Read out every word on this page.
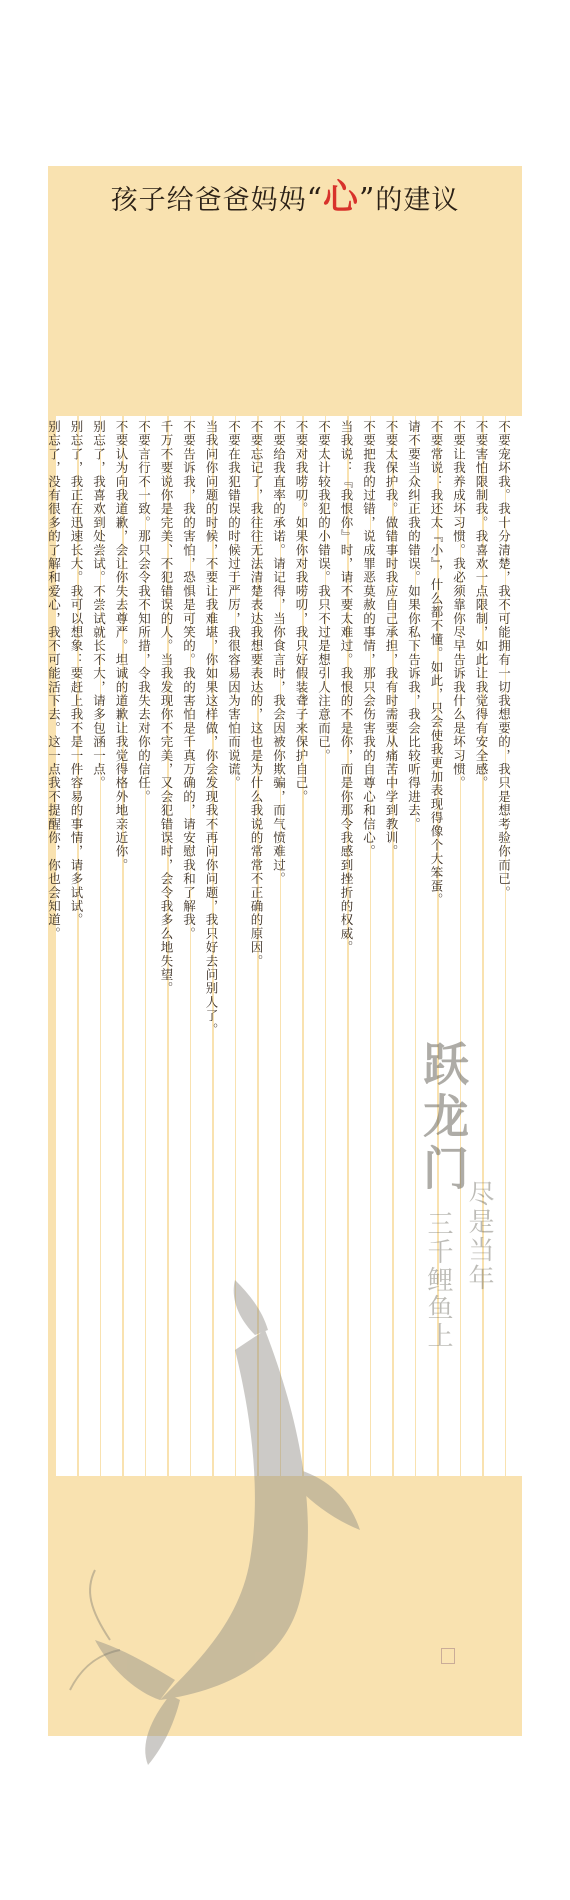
孩子给爸爸妈妈“心”的建议
不要宠坏我。我十分清楚，我不可能拥有一切我想要的，我只是想考验你而已。
不要害怕限制我。我喜欢一点限制，如此让我觉得有安全感。
不要让我养成坏习惯。我必须靠你尽早告诉我什么是坏习惯。
不要常说：我还太『小』，什么都不懂。如此，只会使我更加表现得像个大笨蛋。
请不要当众纠正我的错误。如果你私下告诉我，我会比较听得进去。
不要太保护我。做错事时我应自己承担，我有时需要从痛苦中学到教训。
不要把我的过错，说成罪恶莫赦的事情，那只会伤害我的自尊心和信心。
当我说：『我恨你』时，请不要太难过。我恨的不是你，而是你那令我感到挫折的权威。
不要太计较我犯的小错误。我只不过是想引人注意而已。
不要对我唠叨。如果你对我唠叨，我只好假装聋子来保护自己。
不要给我直率的承诺。请记得，当你食言时，我会因被你欺骗，而气愤难过。
不要忘记了，我往往无法清楚表达我想要表达的，这也是为什么我说的常常不正确的原因。
不要在我犯错误的时候过于严厉，我很容易因为害怕而说谎。
当我问你问题的时候，不要让我难堪，你如果这样做，你会发现我不再问你问题，我只好去问别人了。
不要告诉我，我的害怕，恐惧是可笑的。我的害怕是千真万确的，请安慰我和了解我。
千万不要说你是完美、不犯错误的人。当我发现你不完美，又会犯错误时，会令我多么地失望。
不要言行不一致。那只会令我不知所措，令我失去对你的信任。
不要认为向我道歉，会让你失去尊严。坦诚的道歉让我觉得格外地亲近你。
别忘了，我喜欢到处尝试。不尝试就长不大，请多包涵一点。
别忘了，我正在迅速长大。我可以想象：要赶上我不是一件容易的事情，请多试试。
别忘了，没有很多的了解和爱心，我不可能活下去。这一点我不提醒你，你也会知道。
跃龙门
三千鲤鱼上 尽是当年
